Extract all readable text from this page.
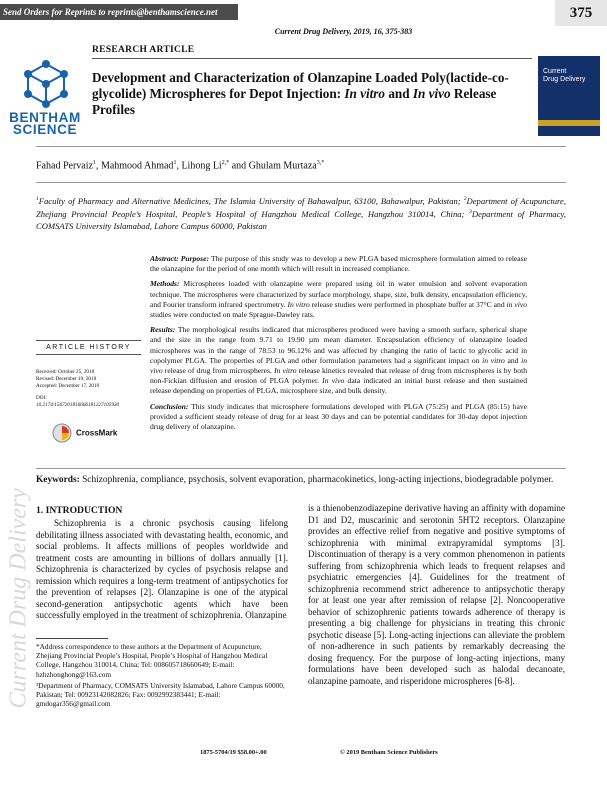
Send Orders for Reprints to reprints@benthamscience.net	375
Current Drug Delivery, 2019, 16, 375-383
BENTHAM
SCIENCE
RESEARCH ARTICLE
Development and Characterization of Olanzapine Loaded Poly(lactide-co-glycolide) Microspheres for Depot Injection: In vitro and In vivo Release Profiles
Current
Drug Delivery
Fahad Pervaiz$^1$, Mahmood Ahmad$^1$, Lihong $Li^{2,*}$ and Ghulam Murtaza$^{3,*}$
$^1$Faculty of Pharmacy and Alternative Medicines, The Islamia University of Bahawalpur, 63100, Bahawalpur, Pakistan; $^2$Department of Acupuncture, Zhejiang Provincial People’s Hospital, People’s Hospital of Hangzhou Medical College, Hangzhou 310014, China; $^3$Department of Pharmacy, COMSATS University Islamabad, Lahore Campus 60000, Pakistan

Abstract: Purpose: The purpose of this study was to develop a new PLGA based microsphere formulation aimed to release the olanzapine for the period of one month which will result in increased compliance.

Methods: Microspheres loaded with olanzapine were prepared using oil in water emulsion and solvent evaporation technique. The microspheres were characterized by surface morphology, shape, size, bulk density, encapsulation efficiency, and Fourier transform infrared spectrometry. In vitro release studies were performed in phosphate buffer at 37°C and in vivo studies were conducted on male Sprague-Dawley rats.

Results: The morphological results indicated that microspheres produced were having a smooth surface, spherical shape and the size in the range from 9.71 to 19.90 µm mean diameter. Encapsulation efficiency of olanzapine loaded microspheres was in the range of 78.53 to 96.12% and was affected by changing the ratio of lactic to glycolic acid in copolymer PLGA. The properties of PLGA and other formulation parameters had a significant impact on in vitro and in vivo release of drug from microspheres. In vitro release kinetics revealed that release of drug from microspheres is by both non-Fickian diffusion and erosion of PLGA polymer. In vivo data indicated an initial burst release and then sustained release depending on properties of PLGA, microsphere size, and bulk density.

Conclusion: This study indicates that microsphere formulations developed with PLGA (75:25) and PLGA (85:15) have provided a sufficient steady release of drug for at least 30 days and can be potential candidates for 30-day depot injection drug delivery of olanzapine.

ARTICLE HISTORY
Received: October 25, 2018
Revised: December 10, 2018
Accepted: December 17, 2018
DOI:
10.2174/1567201816666181227105930
CrossMark
Keywords: Schizophrenia, compliance, psychosis, solvent evaporation, pharmacokinetics, long-acting injections, biodegradable polymer.
1. INTRODUCTION
Schizophrenia is a chronic psychosis causing lifelong debilitating illness associated with devastating health, economic, and social problems. It affects millions of peoples worldwide and treatment costs are amounting in billions of dollars annually [1]. Schizophrenia is characterized by cycles of psychosis relapse and remission which requires a long-term treatment of antipsychotics for the prevention of relapses [2]. Olanzapine is one of the atypical second-generation antipsychotic agents which have been successfully employed in the treatment of schizophrenia. Olanzapine
is a thienobenzodiazepine derivative having an affinity with dopamine D1 and D2, muscarinic and serotonin 5HT2 receptors. Olanzapine provides an effective relief from negative and positive symptoms of schizophrenia with minimal extrapyramidal symptoms [3]. Discontinuation of therapy is a very common phenomenon in patients suffering from schizophrenia which leads to frequent relapses and psychiatric emergencies [4]. Guidelines for the treatment of schizophrenia recommend strict adherence to antipsychotic therapy for at least one year after remission of relapse [2]. Noncooperative behavior of schizophrenic patients towards adherence of therapy is presenting a big challenge for physicians in treating this chronic psychotic disease [5]. Long-acting injections can alleviate the problem of non-adherence in such patients by remarkably decreasing the dosing frequency. For the purpose of long-acting injections, many formulations have been developed such as halodal decanoate, olanzapine pamoate, and risperidone microspheres [6-8].

*Address correspondence to these authors at the Department of Acupuncture, Zhejiang Provincial People’s Hospital, People’s Hospital of Hangzhou Medical College, Hangzhou 310014, China; Tel: 008605718660649; E-mail: hzhzhonghong@163.com

³Department of Pharmacy, COMSATS University Islamabad, Lahore Campus 60000, Pakistan; Tel: 00923142082826; Fax: 0092992383441; E-mail: gmdogar356@gmail.com

1875-5704/19 $58.00+.00	© 2019 Bentham Science Publishers
Current Drug Delivery
